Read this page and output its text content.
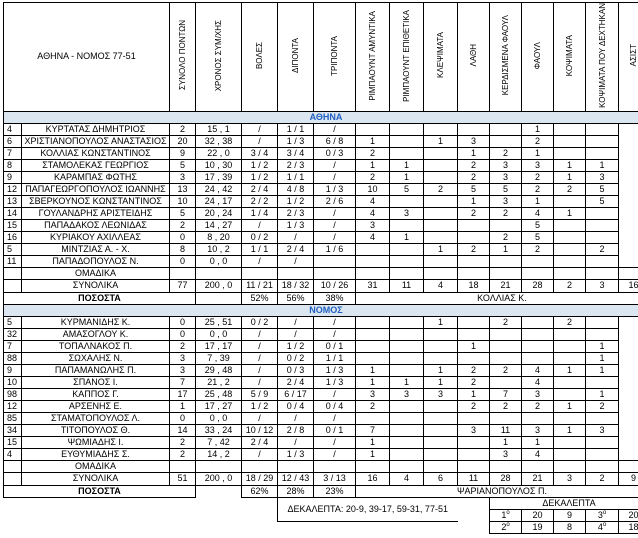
ΑΘΗΝΑ - ΝΟΜΟΣ 77-51		ΣΥΝΟΛΟ ΠΟΝΤΩΝ	ΧΡΟΝΟΣ ΣΥΜ/ΧΗΣ	ΒΟΛΕΣ	ΔΙΠΟΝΤΑ	ΤΡΙΠΟΝΤΑ	ΡΙΜΠΑΟΥΝΤ ΑΜΥΝΤΙΚΑ	ΡΙΜΠΑΟΥΝΤ ΕΠΙΘΕΤΙΚΑ	ΚΛΕΨΙΜΑΤΑ	ΛΑΘΗ	ΚΕΡΔΙΣΜΕΝΑ ΦΑΟΥΛ	ΦΑΟΥΛ	ΚΟΨΙΜΑΤΑ	ΚΟΨΙΜΑΤΑ ΠΟΥ ΔΕΧΤΗΚΑΝ	ΑΣΙΣΤ	
ΑΘΗΝΑ																
4	ΚΥΡΤΑΤΑΣ ΔΗΜΗΤΡΙΟΣ	2	15 , 1	/	1 / 1	/						1				
6	ΧΡΙΣΤΙΑΝΟΠΟΥΛΟΣ ΑΝΑΣΤΑΣΙΟΣ	20	32 , 38	/	1 / 3	6 / 8	1		1	3		2				
7	ΚΟΛΛΙΑΣ ΚΩΝΣΤΑΝΤΙΝΟΣ	9	22 , 0	3 / 4	3 / 4	0 / 3	2			1	2	1				
8	ΣΤΑΜΟΛΕΚΑΣ ΓΕΩΡΓΙΟΣ	5	10 , 30	1 / 2	2 / 3	/	1	1		2	3	3	1	1		
9	ΚΑΡΑΜΠΑΣ ΦΩΤΗΣ	3	17 , 39	1 / 2	1 / 1	/	2	1		2	3	2	1	3		
12	ΠΑΠΑΓΕΩΡΓΟΠΟΥΛΟΣ ΙΩΑΝΝΗΣ	13	24 , 42	2 / 4	4 / 8	1 / 3	10	5	2	5	5	2	2	5		
13	ΣΒΕΡΚΟΥΝΟΣ ΚΩΝΣΤΑΝΤΙΝΟΣ	10	24 , 17	2 / 2	1 / 2	2 / 6	4			1	3	1		5		
14	ΓΟΥΛΑΝΔΡΗΣ ΑΡΙΣΤΕΙΔΗΣ	5	20 , 24	1 / 4	2 / 3	/	4	3		2	2	4	1			
15	ΠΑΠΑΔΑΚΟΣ ΛΕΩΝΙΔΑΣ	2	14 , 27	/	1 / 3	/	3					5				
16	ΚΥΡΙΑΚΟΥ ΑΧΙΛΛΕΑΣ	0	8 , 20	0 / 2	/	/	4	1			2	5				
5	ΜΙΝΤΖΙΑΣ Α. - Χ.	8	10 , 2	1 / 1	2 / 4	1 / 6			1	2	1	2		2		
11	ΠΑΠΑΔΟΠΟΥΛΟΣ Ν.	0	0 , 0	/	/											
	ΟΜΑΔΙΚΑ															
	ΣΥΝΟΛΙΚΑ	77	200 , 0	11 / 21	18 / 32	10 / 26	31	11	4	18	21	28	2	3	16	
ΠΟΣΟΣΤΑ				52%	56%	38%	ΚΟΛΛΙΑΣ Κ.									
ΝΟΜΟΣ																
5	ΚΥΡΜΑΝΙΔΗΣ Κ.	0	25 , 51	0 / 2	/	/			1		2		2			
32	ΑΜΑΣΟΓΛΟΥ Κ.	0	0 , 0	/	/	/										
7	ΤΟΠΑΛΝΑΚΟΣ Π.	2	17 , 17	/	1 / 2	0 / 1				1				1		
88	ΣΩΧΑΛΗΣ Ν.	3	7 , 39	/	0 / 2	1 / 1								1		
9	ΠΑΠΑΜΑΝΩΛΗΣ Π.	3	29 , 48	/	0 / 3	1 / 3	1		1	2	2	4	1	1		
10	ΣΠΑΝΟΣ Ι.	7	21 , 2	/	2 / 4	1 / 3	1	1	1	2		4				
98	ΚΑΠΠΟΣ Γ.	17	25 , 48	5 / 9	6 / 17	/	3	3	3	1	7	3		1		
12	ΑΡΣΕΝΗΣ Ε.	1	17 , 27	1 / 2	0 / 4	0 / 4	2			2	2	2	1	2		
85	ΣΤΑΜΑΤΟΠΟΥΛΟΣ Λ.	0	0 , 0	/	/	/										
34	ΤΙΤΟΠΟΥΛΟΣ Θ.	14	33 , 24	10 / 12	2 / 8	0 / 1	7			3	11	3	1	3		
15	ΨΩΜΙΑΔΗΣ Ι.	2	7 , 42	2 / 4	/	/	1				1	1				
4	ΕΥΘΥΜΙΑΔΗΣ Σ.	2	14 , 2	/	1 / 3	/	1				3	4				
	ΟΜΑΔΙΚΑ															
	ΣΥΝΟΛΙΚΑ	51	200 , 0	18 / 29	12 / 43	3 / 13	16	4	6	11	28	21	3	2	9	
ΠΟΣΟΣΤΑ				62%	28%	23%	ΨΑΡΙΑΝΟΠΟΥΛΟΣ Π.									
					ΔΕΚΑΛΕΠΤΑ: 20-9, 39-17, 59-31, 77-51						ΔΕΚΑΛΕΠΤΑ					
											$1^o$	20	9	$3^o$	20	
											$2^o$	19	8	$4^o$	18	
